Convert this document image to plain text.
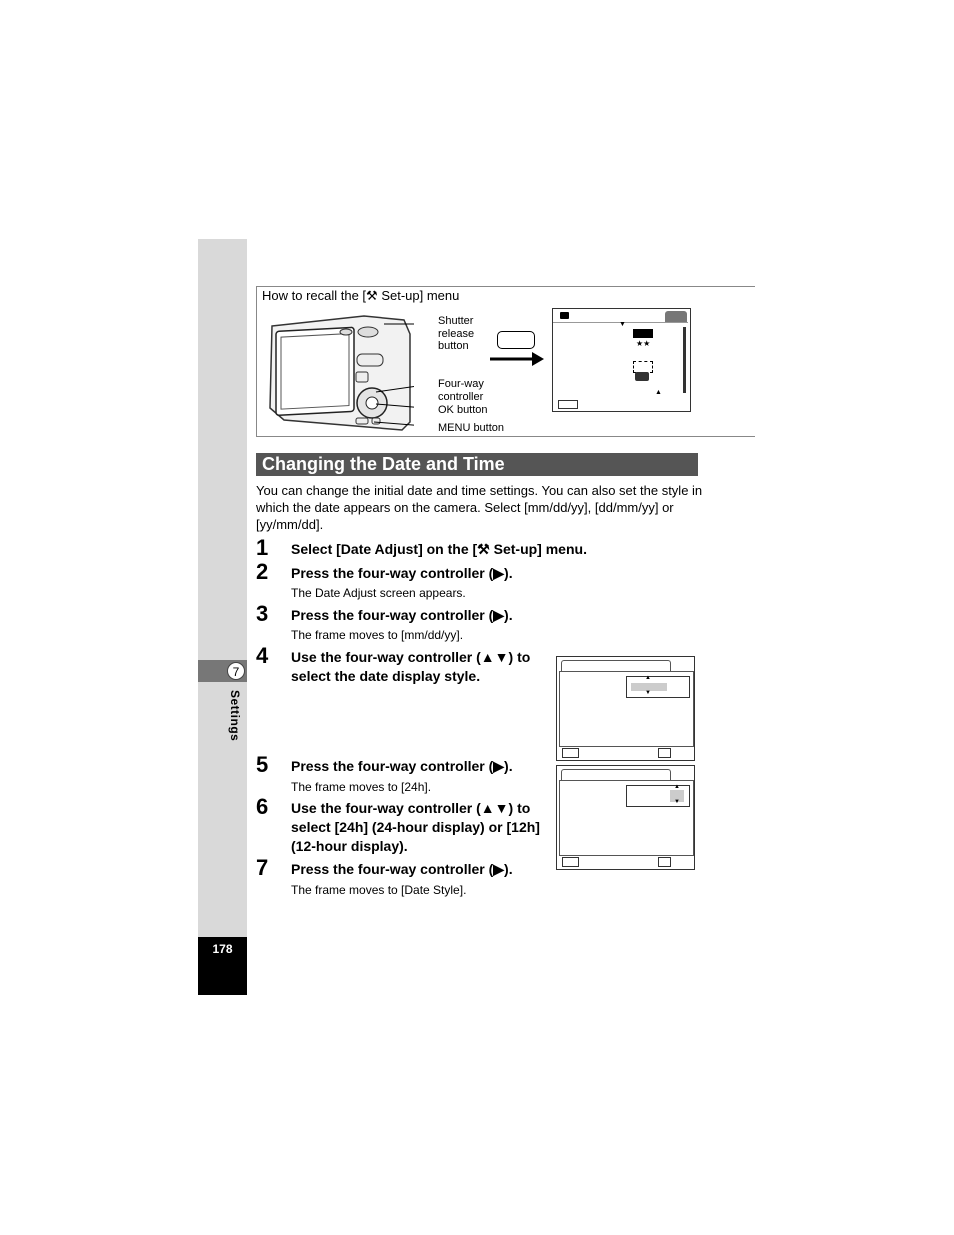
7
Settings
178
How to recall the [⚒ Set-up] menu
Shutter
release
button
Four-way
controller
OK button
MENU button
▼
★★
▲
Changing the Date and Time
You can change the initial date and time settings. You can also set the style in which the date appears on the camera. Select [mm/dd/yy], [dd/mm/yy] or [yy/mm/dd].
1 Select [Date Adjust] on the [⚒ Set-up] menu.
2 Press the four-way controller (▶).
The Date Adjust screen appears.
3 Press the four-way controller (▶).
The frame moves to [mm/dd/yy].
4 Use the four-way controller (▲▼) to select the date display style.
5 Press the four-way controller (▶).
The frame moves to [24h].
6 Use the four-way controller (▲▼) to select [24h] (24-hour display) or [12h] (12-hour display).
7 Press the four-way controller (▶).
The frame moves to [Date Style].
▲
▼
▲
▼
